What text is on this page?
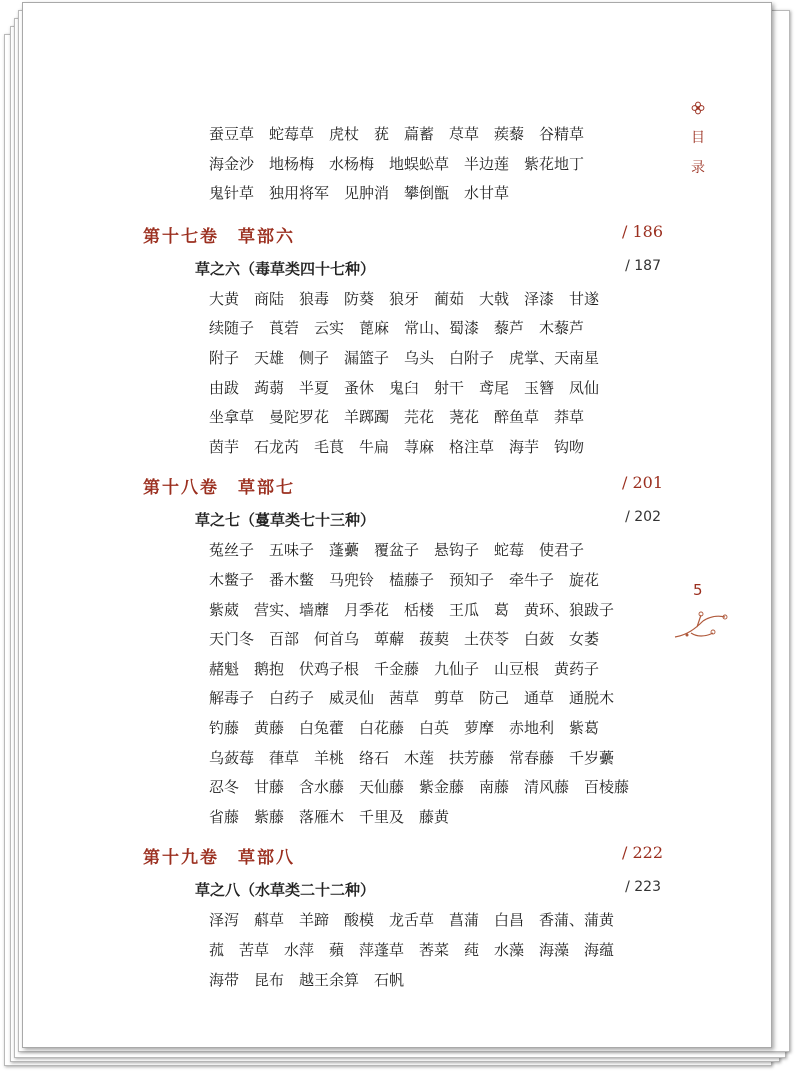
蚕豆草 蛇莓草 虎杖 莸 萹蓄 荩草 蒺藜 谷精草
海金沙 地杨梅 水杨梅 地蜈蚣草 半边莲 紫花地丁
鬼针草 独用将军 见肿消 攀倒甑 水甘草
第十七卷　草部六	/ 186
草之六（毒草类四十七种）	/ 187
大黄 商陆 狼毒 防葵 狼牙 蔺茹 大戟 泽漆 甘遂
续随子 莨菪 云实 蓖麻 常山、蜀漆 藜芦 木藜芦
附子 天雄 侧子 漏篮子 乌头 白附子 虎掌、天南星
由跋 蒟蒻 半夏 蚤休 鬼臼 射干 鸢尾 玉簪 凤仙
坐拿草 曼陀罗花 羊踯躅 芫花 荛花 醉鱼草 莽草
茵芋 石龙芮 毛茛 牛扁 荨麻 格注草 海芋 钩吻
第十八卷　草部七	/ 201
草之七（蔓草类七十三种）	/ 202
菟丝子 五味子 蓬虆 覆盆子 悬钩子 蛇莓 使君子
木鳖子 番木鳖 马兜铃 榼藤子 预知子 牵牛子 旋花
紫葳 营实、墙蘼 月季花 栝楼 王瓜 葛 黄环、狼跋子
天门冬 百部 何首乌 萆薢 菝葜 土茯苓 白蔹 女萎
赭魁 鹅抱 伏鸡子根 千金藤 九仙子 山豆根 黄药子
解毒子 白药子 威灵仙 茜草 剪草 防己 通草 通脱木
钓藤 黄藤 白兔藿 白花藤 白英 萝摩 赤地利 紫葛
乌蔹莓 葎草 羊桃 络石 木莲 扶芳藤 常春藤 千岁虆
忍冬 甘藤 含水藤 天仙藤 紫金藤 南藤 清风藤 百棱藤
省藤 紫藤 落雁木 千里及 藤黄
第十九卷　草部八	/ 222
草之八（水草类二十二种）	/ 223
泽泻 蔛草 羊蹄 酸模 龙舌草 菖蒲 白昌 香蒲、蒲黄
菰 苦草 水萍 蘋 萍蓬草 莕菜 莼 水藻 海藻 海蕴
海带 昆布 越王余算 石帆
目
录
5
